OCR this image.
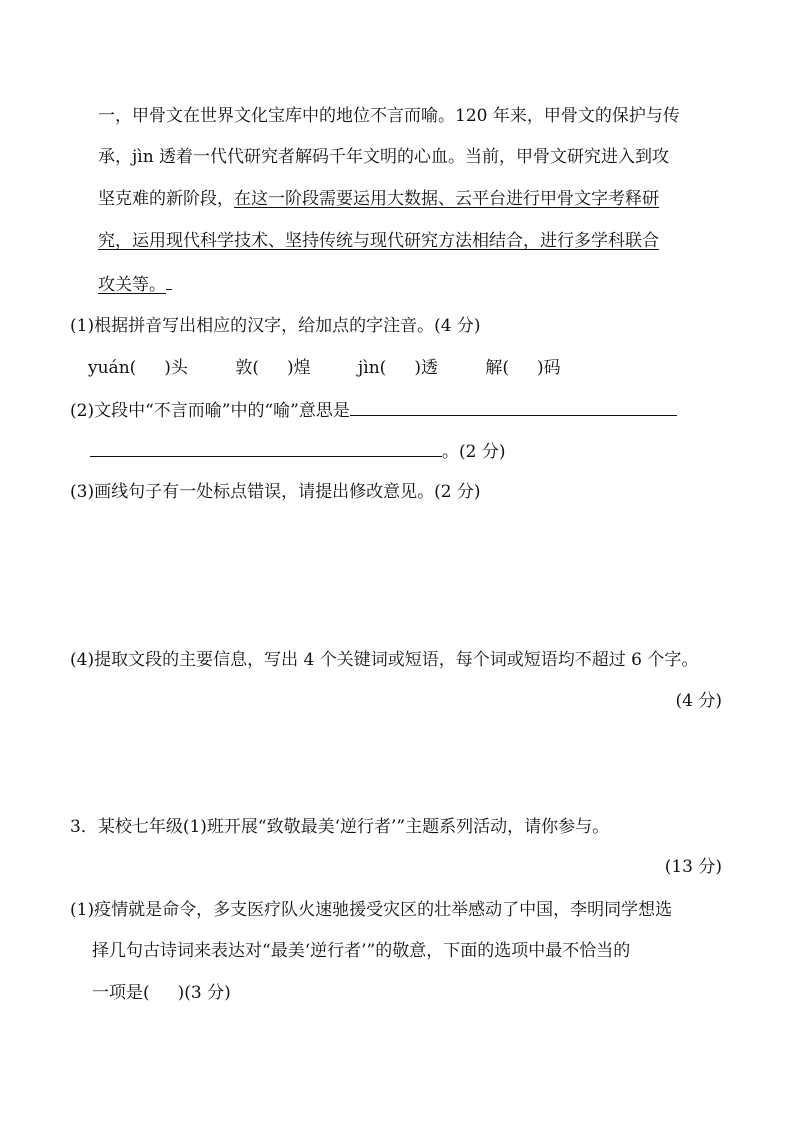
一，甲骨文在世界文化宝库中的地位不言而喻。120 年来，甲骨文的保护与传
承，jìn 透着一代代研究者解码千年文明的心血。当前，甲骨文研究进入到攻
坚克难的新阶段，在这一阶段需要运用大数据、云平台进行甲骨文字考释研
究，运用现代科学技术、坚持传统与现代研究方法相结合，进行多学科联合
攻关等。
(1)根据拼音写出相应的汉字，给加点的字注音。(4 分)
yuán( )头	敦( )煌	jìn( )透	解( )码
(2)文段中“不言而喻”中的“喻”意思是
。(2 分)
(3)画线句子有一处标点错误，请提出修改意见。(2 分)
(4)提取文段的主要信息，写出 4 个关键词或短语，每个词或短语均不超过 6 个字。
(4 分)
3．某校七年级(1)班开展“致敬最美‘逆行者’”主题系列活动，请你参与。
(13 分)
(1)疫情就是命令，多支医疗队火速驰援受灾区的壮举感动了中国，李明同学想选
择几句古诗词来表达对“最美‘逆行者’”的敬意，下面的选项中最不恰当的
一项是( )(3 分)
